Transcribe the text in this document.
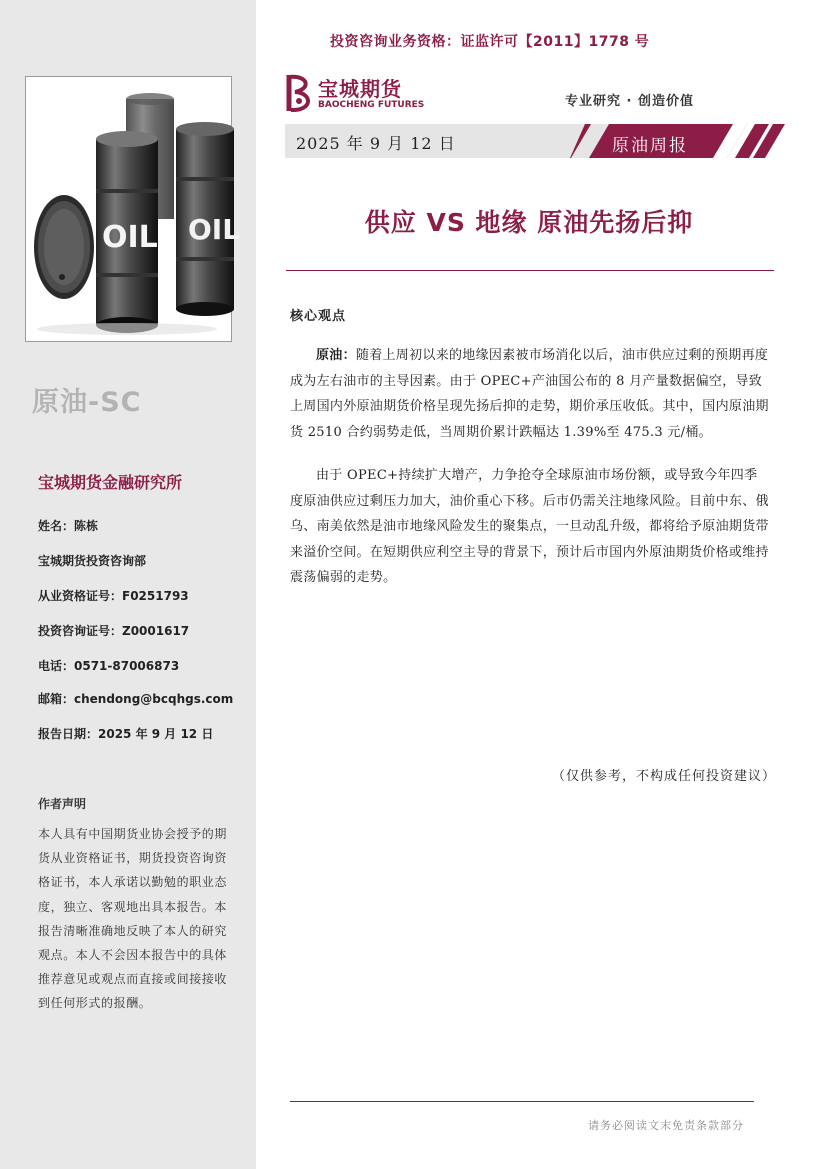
OIL
OIL
原油-SC
宝城期货金融研究所
姓名：陈栋
宝城期货投资咨询部
从业资格证号：F0251793
投资咨询证号：Z0001617
电话：0571-87006873
邮箱：chendong@bcqhgs.com
报告日期：2025 年 9 月 12 日
作者声明
本人具有中国期货业协会授予的期货从业资格证书，期货投资咨询资格证书，本人承诺以勤勉的职业态度，独立、客观地出具本报告。本报告清晰准确地反映了本人的研究观点。本人不会因本报告中的具体推荐意见或观点而直接或间接接收到任何形式的报酬。
投资咨询业务资格：证监许可【2011】1778 号
宝城期货
BAOCHENG FUTURES	专业研究 · 创造价值
2025 年 9 月 12 日	原油周报
供应 VS 地缘 原油先扬后抑
核心观点
原油：随着上周初以来的地缘因素被市场消化以后，油市供应过剩的预期再度成为左右油市的主导因素。由于 OPEC+产油国公布的 8 月产量数据偏空，导致上周国内外原油期货价格呈现先扬后抑的走势，期价承压收低。其中，国内原油期货 2510 合约弱势走低，当周期价累计跌幅达 1.39%至 475.3 元/桶。
由于 OPEC+持续扩大增产，力争抢夺全球原油市场份额，或导致今年四季度原油供应过剩压力加大，油价重心下移。后市仍需关注地缘风险。目前中东、俄乌、南美依然是油市地缘风险发生的聚集点，一旦动乱升级，都将给予原油期货带来溢价空间。在短期供应利空主导的背景下，预计后市国内外原油期货价格或维持震荡偏弱的走势。
（仅供参考，不构成任何投资建议）
请务必阅读文末免责条款部分
